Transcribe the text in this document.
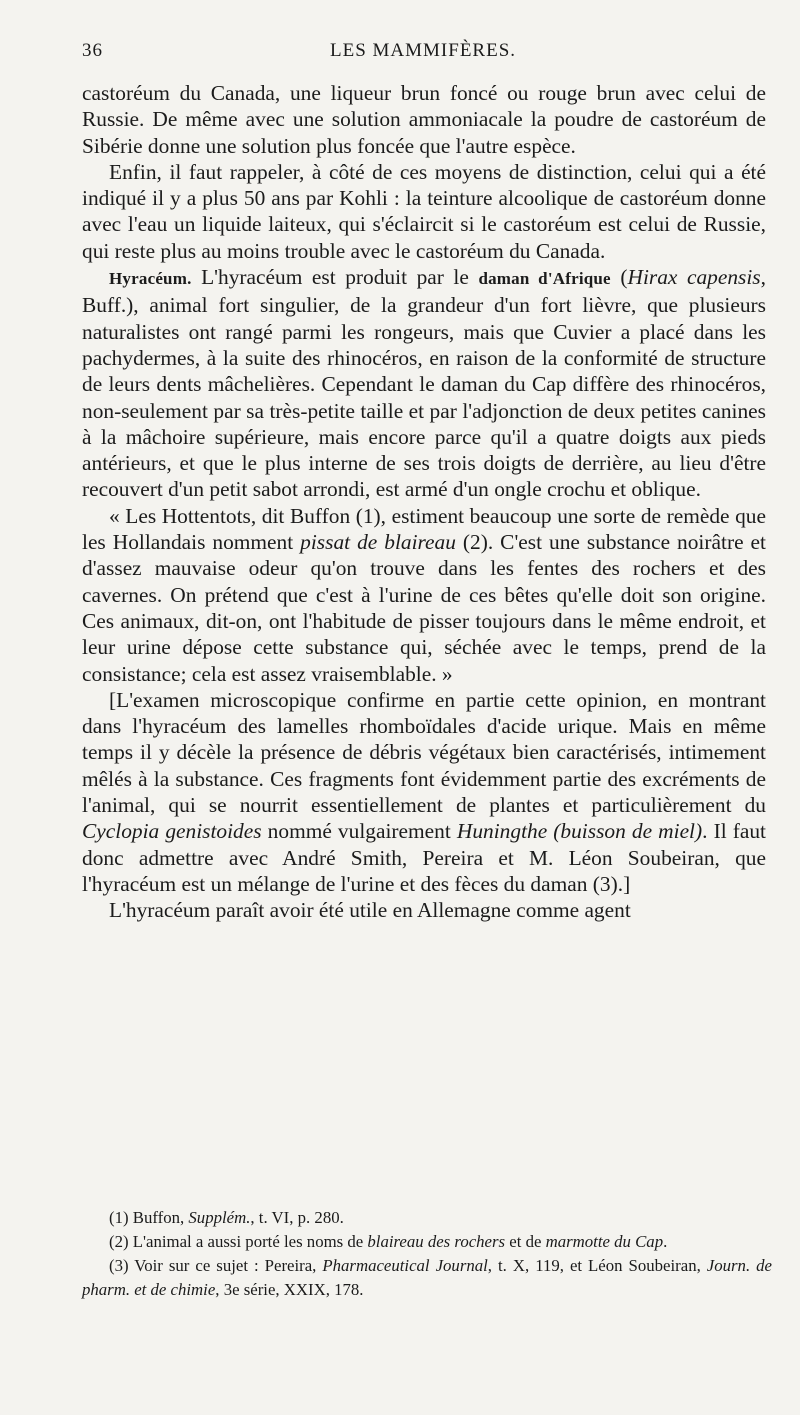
36	LES MAMMIFÈRES.

castoréum du Canada, une liqueur brun foncé ou rouge brun avec celui de Russie. De même avec une solution ammoniacale la poudre de castoréum de Sibérie donne une solution plus foncée que l'autre espèce.

Enfin, il faut rappeler, à côté de ces moyens de distinction, celui qui a été indiqué il y a plus 50 ans par Kohli : la teinture alcoolique de castoréum donne avec l'eau un liquide laiteux, qui s'éclaircit si le castoréum est celui de Russie, qui reste plus au moins trouble avec le castoréum du Canada.

Hyracéum. L'hyracéum est produit par le daman d'Afrique (Hirax capensis, Buff.), animal fort singulier, de la grandeur d'un fort lièvre, que plusieurs naturalistes ont rangé parmi les rongeurs, mais que Cuvier a placé dans les pachydermes, à la suite des rhinocéros, en raison de la conformité de structure de leurs dents mâchelières. Cependant le daman du Cap diffère des rhinocéros, non-seulement par sa très-petite taille et par l'adjonction de deux petites canines à la mâchoire supérieure, mais encore parce qu'il a quatre doigts aux pieds antérieurs, et que le plus interne de ses trois doigts de derrière, au lieu d'être recouvert d'un petit sabot arrondi, est armé d'un ongle crochu et oblique.

« Les Hottentots, dit Buffon (1), estiment beaucoup une sorte de remède que les Hollandais nomment pissat de blaireau (2). C'est une substance noirâtre et d'assez mauvaise odeur qu'on trouve dans les fentes des rochers et des cavernes. On prétend que c'est à l'urine de ces bêtes qu'elle doit son origine. Ces animaux, dit-on, ont l'habitude de pisser toujours dans le même endroit, et leur urine dépose cette substance qui, séchée avec le temps, prend de la consistance; cela est assez vraisemblable. »

[L'examen microscopique confirme en partie cette opinion, en montrant dans l'hyracéum des lamelles rhomboïdales d'acide urique. Mais en même temps il y décèle la présence de débris végétaux bien caractérisés, intimement mêlés à la substance. Ces fragments font évidemment partie des excréments de l'animal, qui se nourrit essentiellement de plantes et particulièrement du Cyclopia genistoides nommé vulgairement Huningthe (buisson de miel). Il faut donc admettre avec André Smith, Pereira et M. Léon Soubeiran, que l'hyracéum est un mélange de l'urine et des fèces du daman (3).]

L'hyracéum paraît avoir été utile en Allemagne comme agent

(1) Buffon, Supplém., t. VI, p. 280.

(2) L'animal a aussi porté les noms de blaireau des rochers et de marmotte du Cap.

(3) Voir sur ce sujet : Pereira, Pharmaceutical Journal, t. X, 119, et Léon Soubeiran, Journ. de pharm. et de chimie, 3e série, XXIX, 178.
